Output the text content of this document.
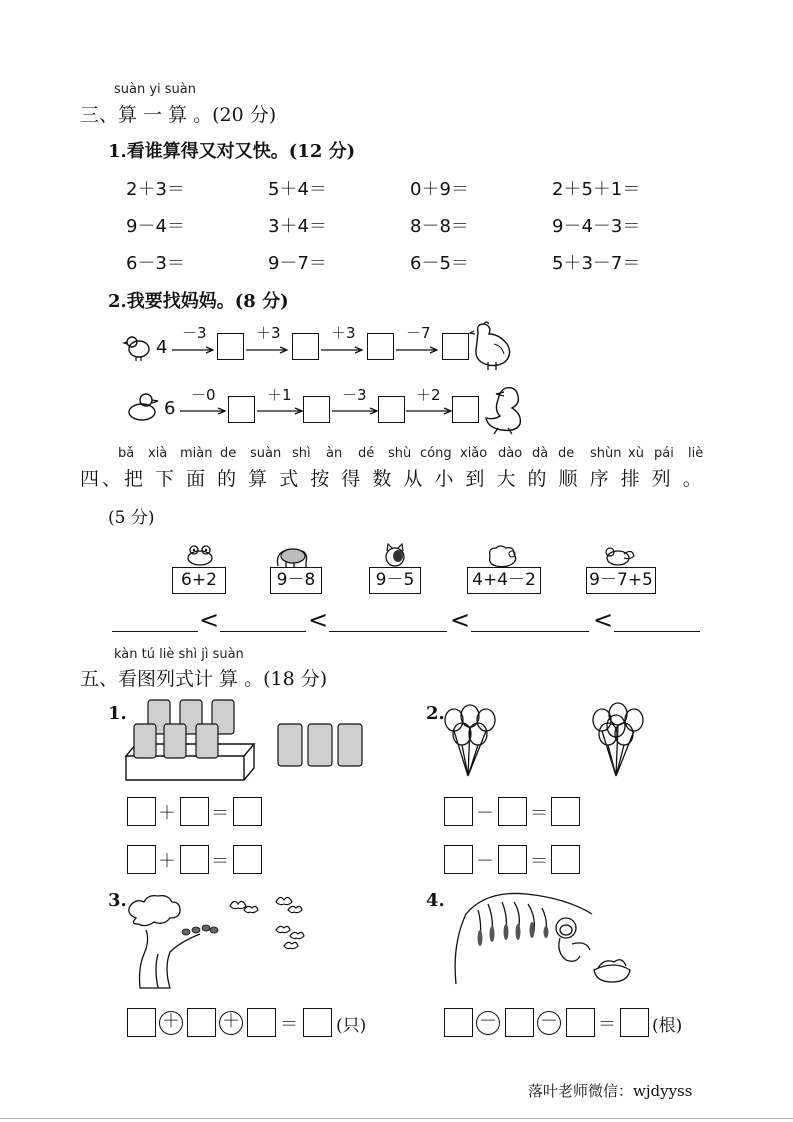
suàn yi suàn
三、算 一 算 。(20 分)
1.看谁算得又对又快。(12 分)
2＋3＝	5＋4＝	0＋9＝	2＋5＋1＝
9－4＝	3＋4＝	8－8＝	9－4－3＝
6－3＝	9－7＝	6－5＝	5＋3－7＝
2.我要找妈妈。(8 分)
4
－3	＋3	＋3	－7
6
－0	＋1	－3	＋2
bǎ xià miàn de suàn shì àn dé shù cóng xiǎo dào dà de shùn xù pái liè
四、把 下 面 的 算 式 按 得 数 从 小 到 大 的 顺 序 排 列 。
(5 分)
6+2	9－8	9－5	4+4－2	9－7+5
<	<	<	<
kàn tú liè shì jì suàn
五、看图列式计 算 。(18 分)
1.
＋ ＝
＋ ＝
2.
－ ＝
－ ＝
3.
＋ ＋ ＝ (只)
4.
－ － ＝ (根)
落叶老师微信：wjdyyss
